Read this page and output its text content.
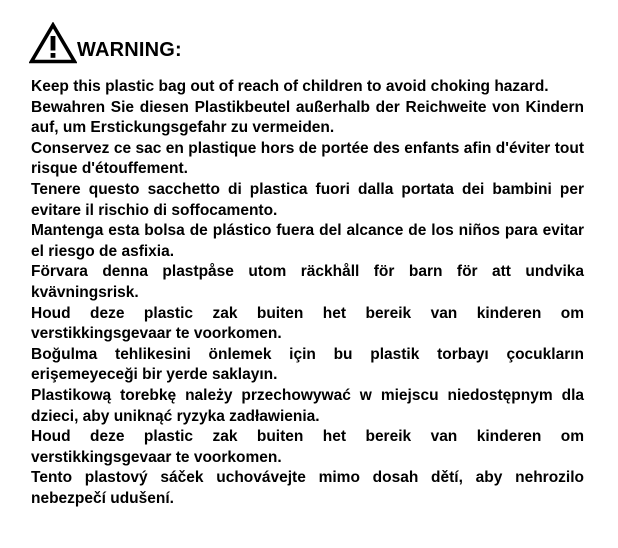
WARNING:

Keep this plastic bag out of reach of children to avoid choking hazard.

Bewahren Sie diesen Plastikbeutel außerhalb der Reichweite von Kindern auf, um Erstickungsgefahr zu vermeiden.

Conservez ce sac en plastique hors de portée des enfants afin d'éviter tout risque d'étouffement.

Tenere questo sacchetto di plastica fuori dalla portata dei bambini per evitare il rischio di soffocamento.

Mantenga esta bolsa de plástico fuera del alcance de los niños para evitar el riesgo de asfixia.

Förvara denna plastpåse utom räckhåll för barn för att undvika kvävningsrisk.

Houd deze plastic zak buiten het bereik van kinderen om verstikkingsgevaar te voorkomen.

Boğulma tehlikesini önlemek için bu plastik torbayı çocukların erişemeyeceği bir yerde saklayın.

Plastikową torebkę należy przechowywać w miejscu niedostępnym dla dzieci, aby uniknąć ryzyka zadławienia.

Houd deze plastic zak buiten het bereik van kinderen om verstikkingsgevaar te voorkomen.

Tento plastový sáček uchovávejte mimo dosah dětí, aby nehrozilo nebezpečí udušení.
